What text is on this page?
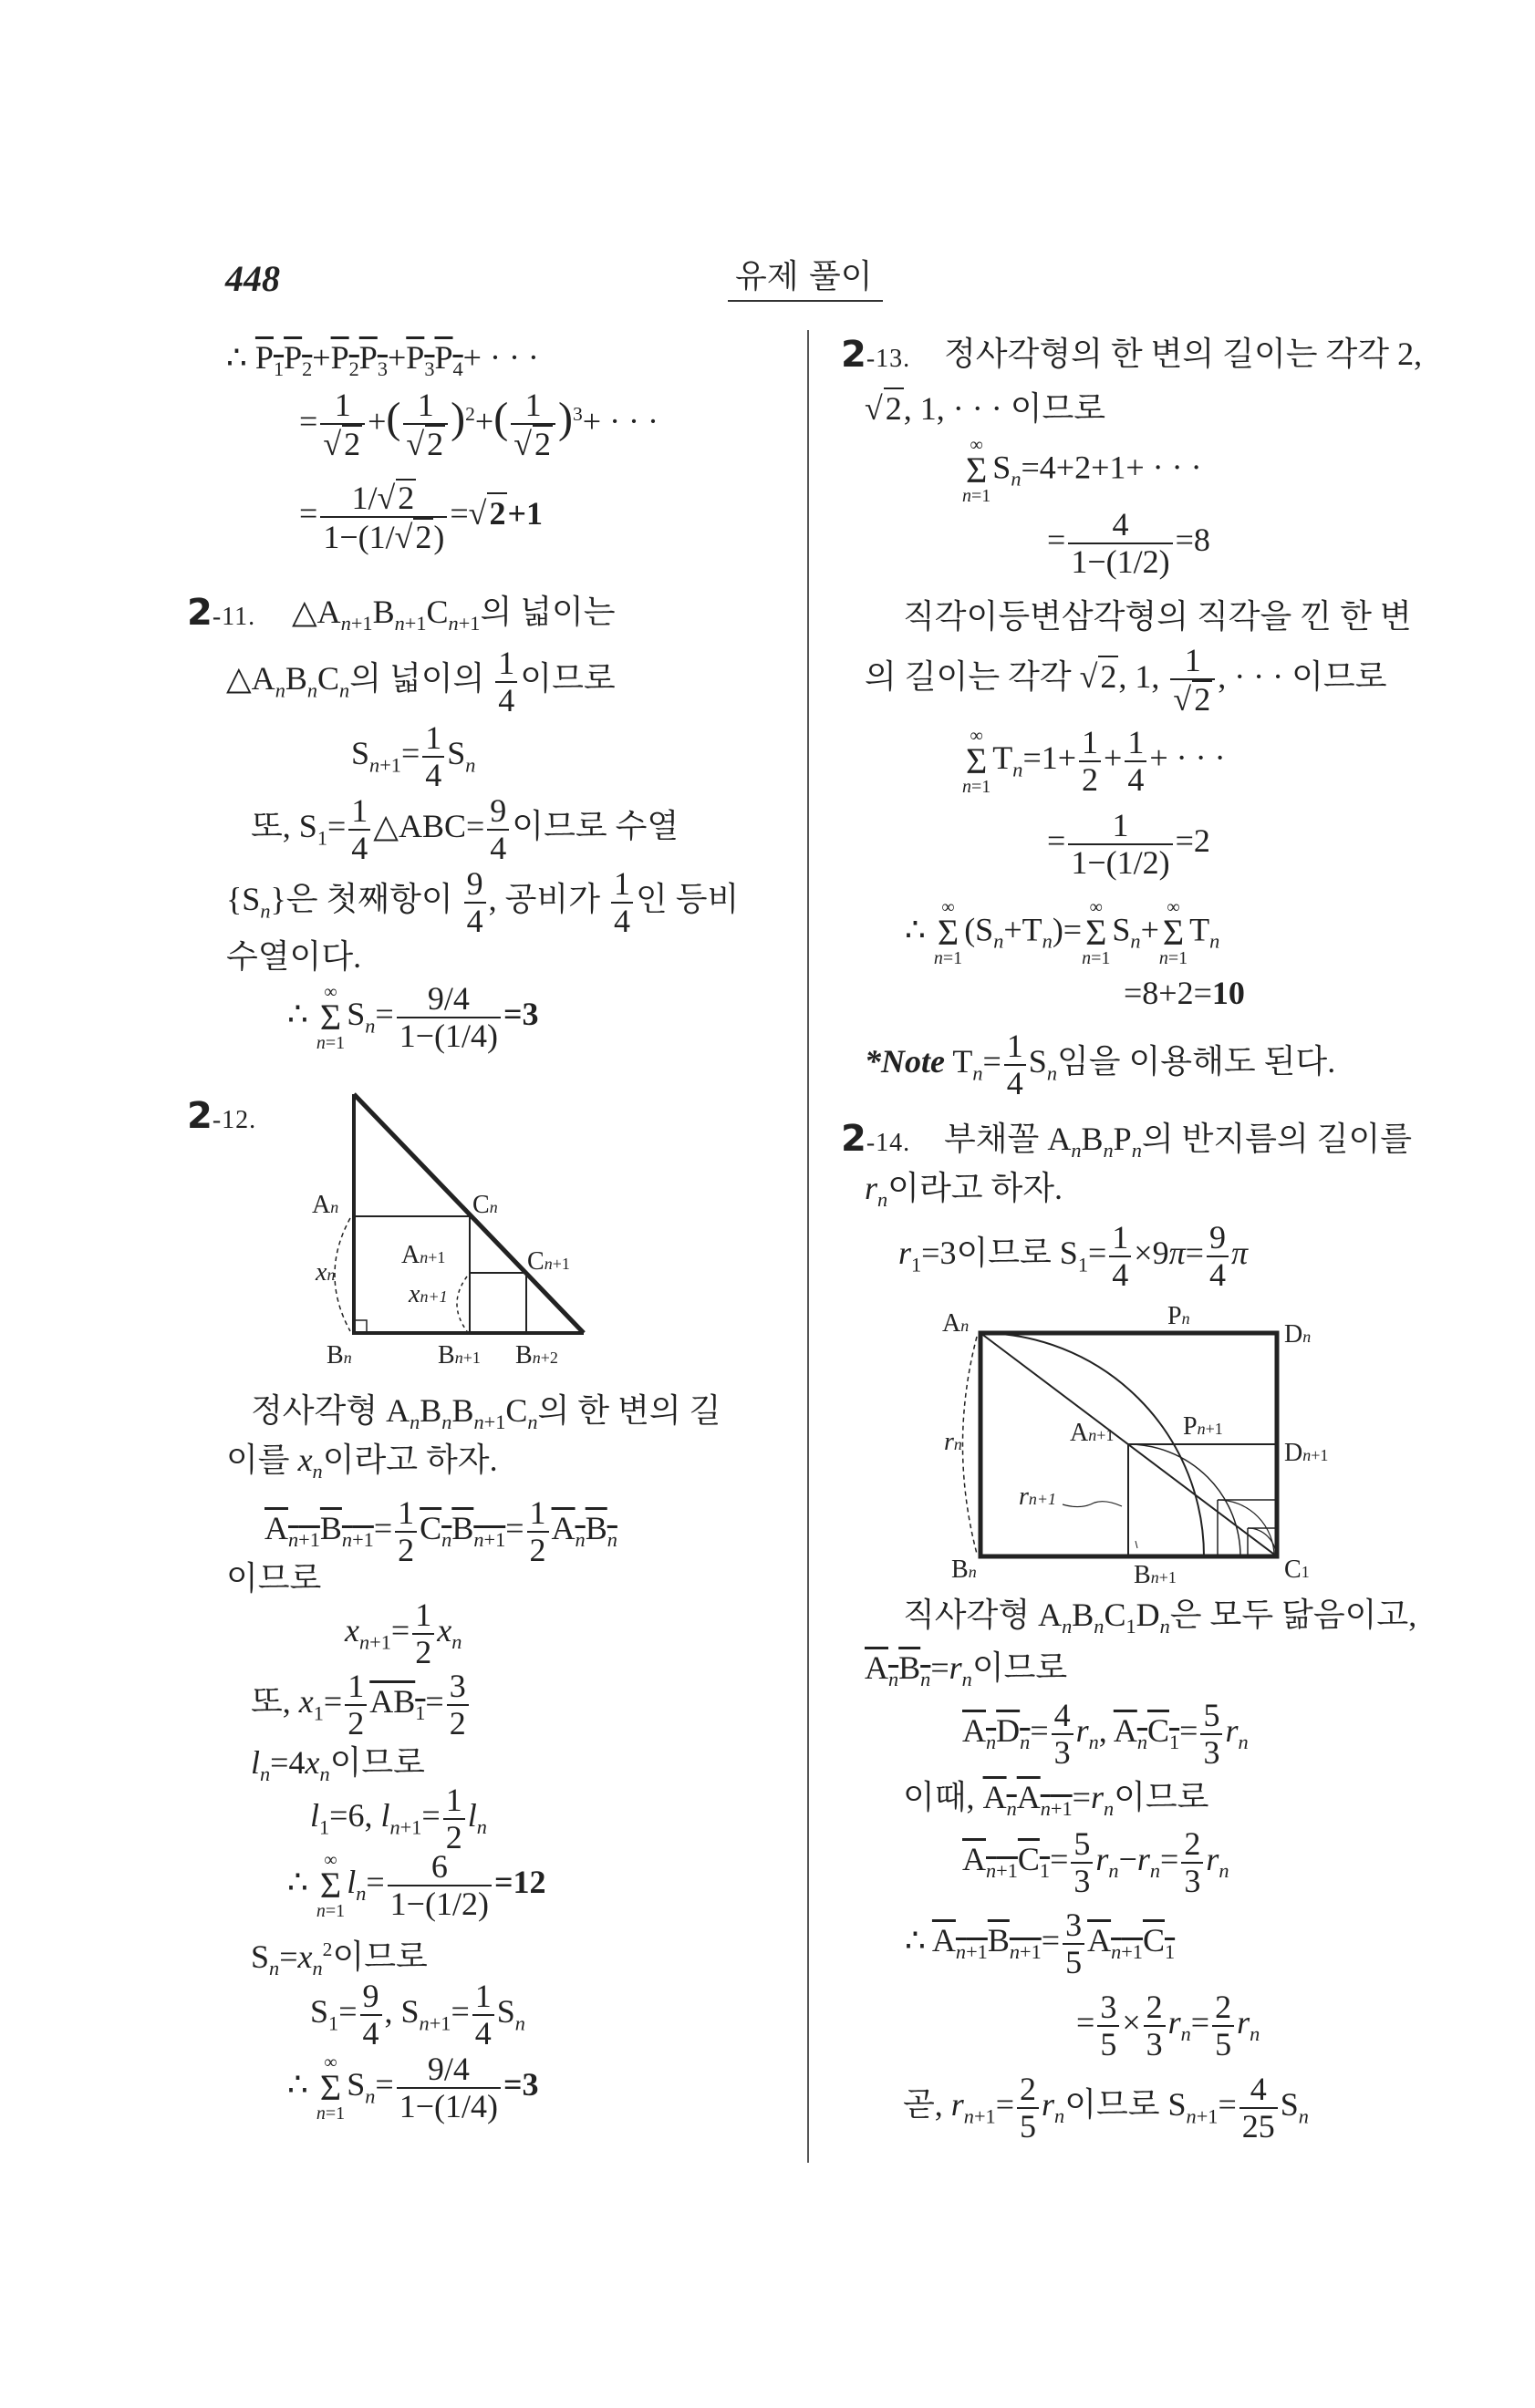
448	유제 풀이
∴ $P_1P_2+P_2P_3+P_3P_4+$ · · ·
= $\frac{1}{√2}$ +( $\frac{1}{√2} )^2+( \frac{1}{√2} )^3+$ · · ·
= $\frac{1/√2}{1-(1/√2)} =√2+1$
2-11. $\triangle A_{n+1}B_{n+1}C_{n+1}$의 넓이는
$\triangle A_nB_nC_n$의 넓이의 $\frac{1}{4}$ 이므로
$S_{n+1}= \frac{1}{4} S_n$
또, $S_1= \frac{1}{4}$ △ABC= $\frac{9}{4}$ 이므로 수열
$\{S_n\}$은 첫째항이 $\frac{9}{4}$ , 공비가 $\frac{1}{4}$ 인 등비
수열이다.
∴ ∞
Σ
$n=1S_n= \frac{9/4}{1-(1/4)} =3$
2-12.
An	Cn
Cn+1
An+1
xn
xn+1
Bn	Bn+1 Bn+2
정사각형 $A_nB_nB_{n+1}C_n$의 한 변의 길
이를 $x_n$이라고 하자.
$A_{n+1}B_{n+1}= \frac{1}{2} C_nB_{n+1}= \frac{1}{2} A_nB_n$
이므로
$x_{n+1}= \frac{1}{2} x_n$
또, $x_1= \frac{1}{2} AB_1= \frac{3}{2}$
$l_n=4x_n$이므로
$l_1=6$, $l_{n+1}= \frac{1}{2} l_n$
∴ ∞
Σ
$n=1l_n= \frac{6}{1-(1/2)} =12$
$S_n=x_n^2$이므로
$S_1= \frac{9}{4}$ , $S_{n+1}= \frac{1}{4} S_n$
∴ ∞
Σ
$n=1S_n= \frac{9/4}{1-(1/4)} =3$
2-13. 정사각형의 한 변의 길이는 각각 2,
√2, 1, · · · 이므로
∞
Σ
$n=1S_n=4+2+1+$ · · ·
= $\frac{4}{1-(1/2)} =8$
직각이등변삼각형의 직각을 낀 한 변
의 길이는 각각 √2, 1, $\frac{1}{√2}$ , · · · 이므로
∞
Σ
$n=1T_n=1+ \frac{1}{2} + \frac{1}{4}$ + · · ·
= $\frac{1}{1-(1/2)} =2$
∴ ∞
Σ
$n=1(S_n+T_n)=\infty$
Σ
$n=1S_n+\infty$
Σ
$n=1T_n$
=8+2=10
*Note $T_n= \frac{1}{4} S_n$임을 이용해도 된다.
2-14. 부채꼴 $A_nB_nP_n$의 반지름의 길이를
$r_n$이라고 하자.
$r_1=3$이므로 $S_1= \frac{1}{4} \times 9\pi= \frac{9}{4}$ π
An	Pn
Dn
rn	An+1	Pn+1
Dn+1
rn+1
Bn	Bn+1	C1
직사각형 $A_nB_nC_1D_n$은 모두 닮음이고,
$A_nB_n=r_n$이므로
$A_nD_n= \frac{4}{3} r_n$, $A_nC_1= \frac{5}{3} r_n$
이때, $A_nA_{n+1}=r_n$이므로
$A_{n+1}C_1= \frac{5}{3} r_n-r_n= \frac{2}{3} r_n$
∴ $A_{n+1}B_{n+1}= \frac{3}{5} A_{n+1}C_1$
= $\frac{3}{5} \times \frac{2}{3} r_n= \frac{2}{5} r_n$
곧, $r_{n+1}= \frac{2}{5} r_n$이므로 $S_{n+1}= \frac{4}{25} S_n$
